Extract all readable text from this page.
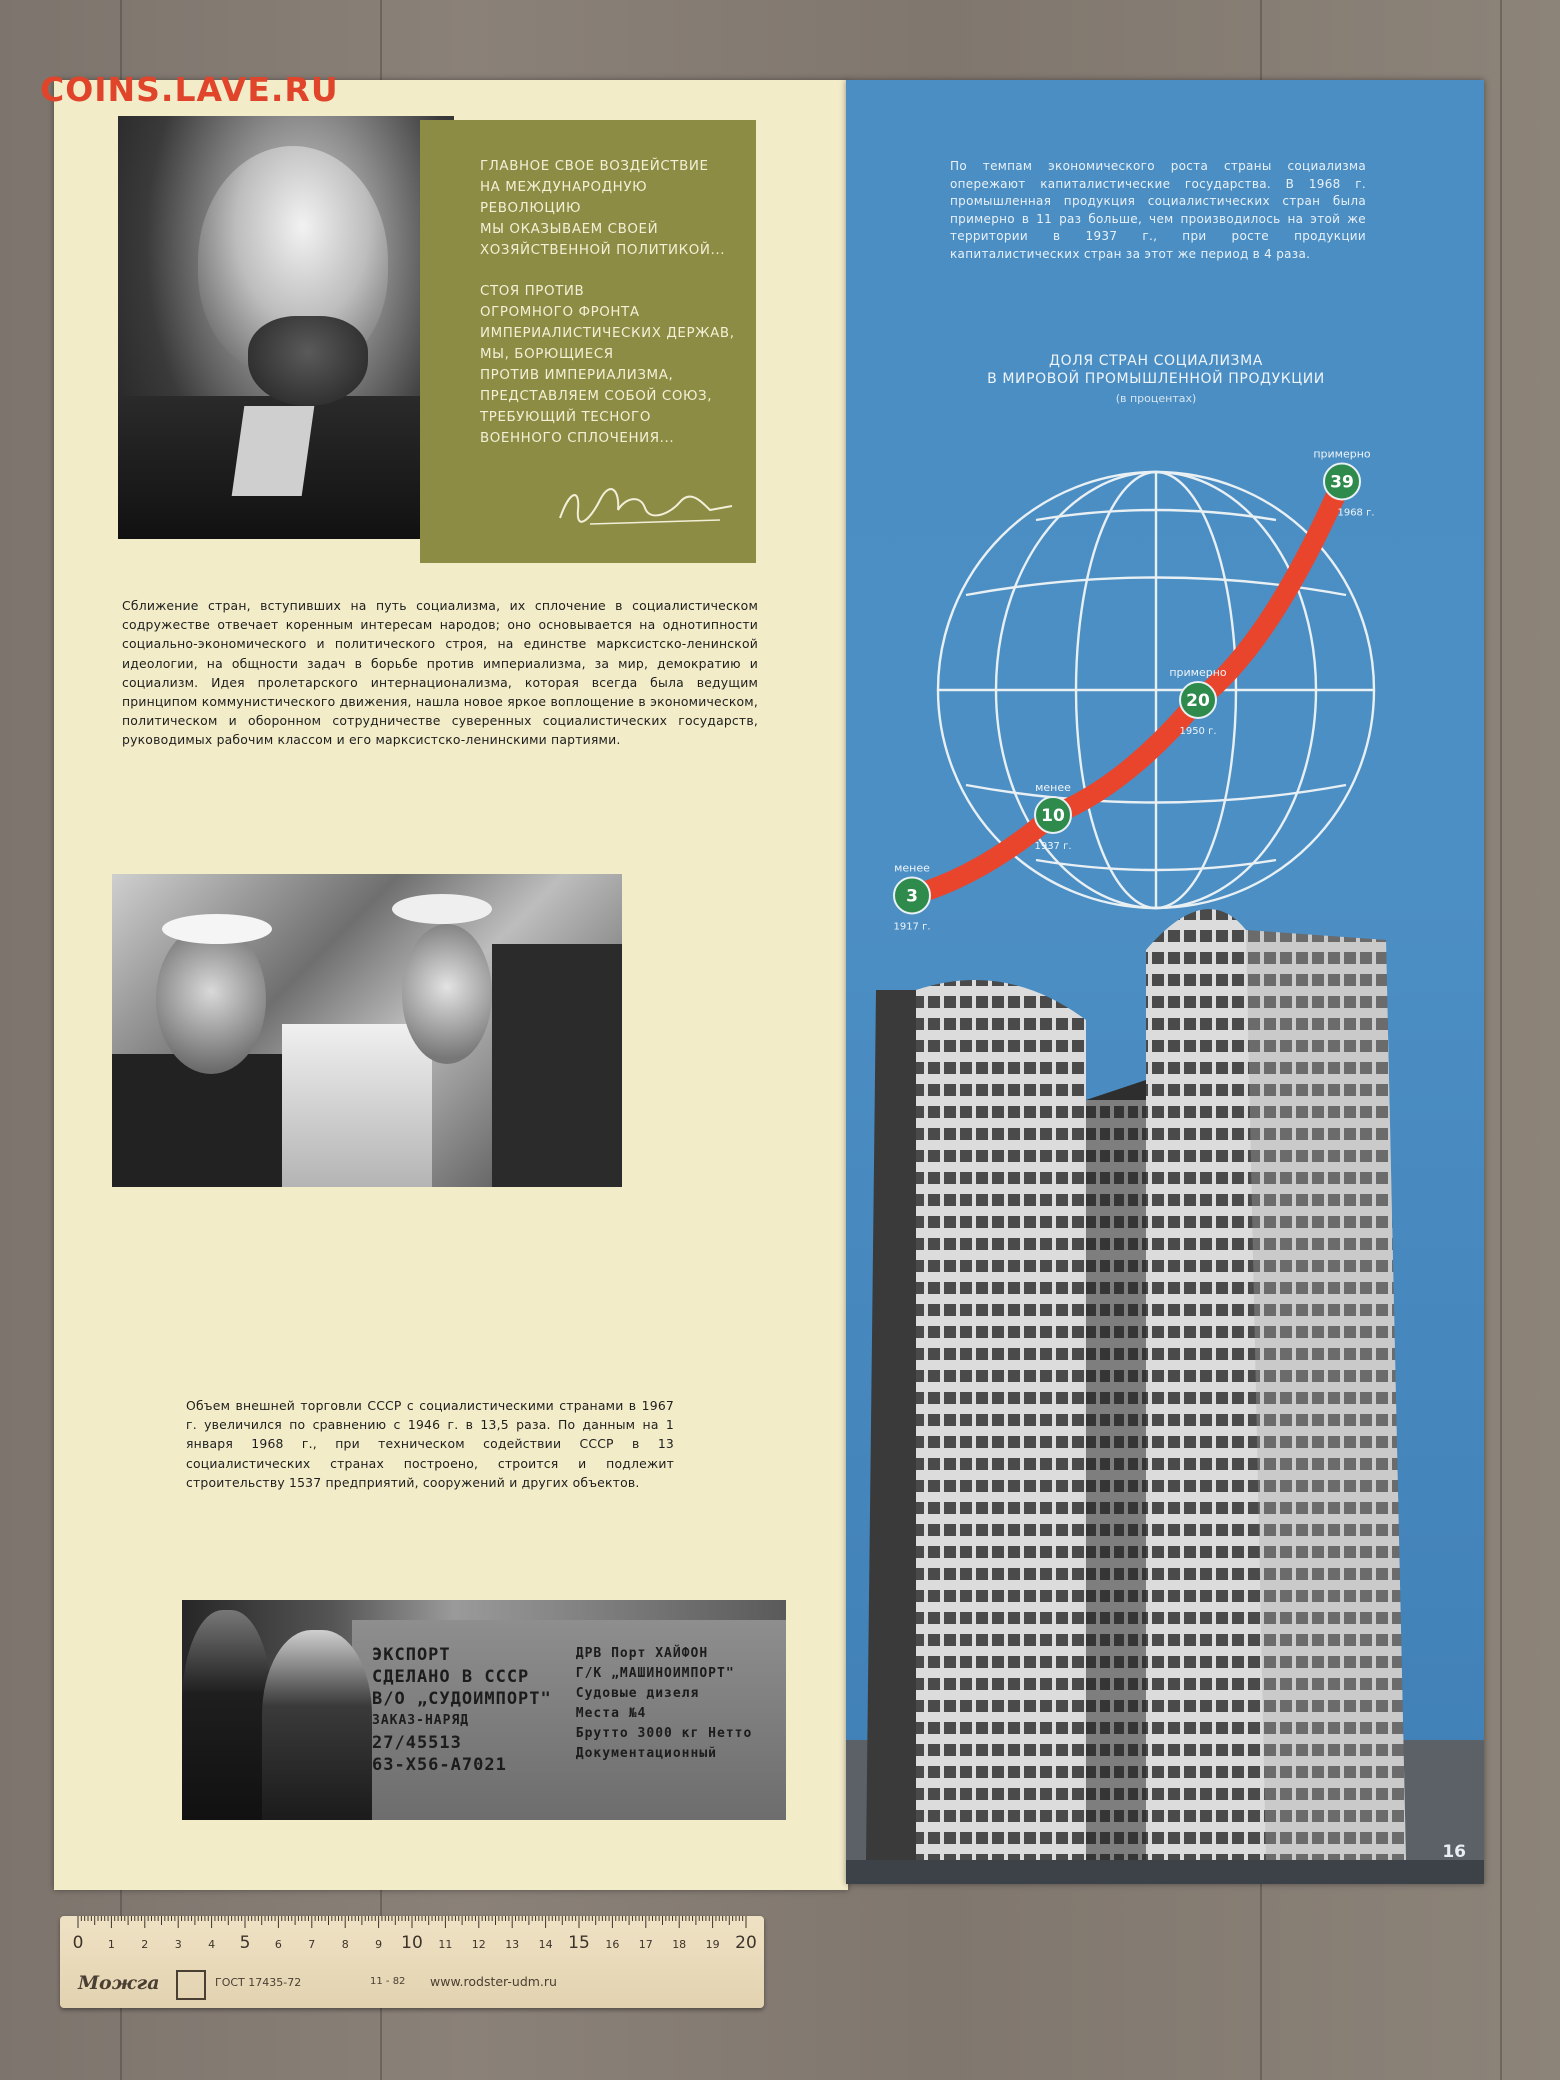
ГЛАВНОЕ СВОЕ ВОЗДЕЙСТВИЕ
НА МЕЖДУНАРОДНУЮ РЕВОЛЮЦИЮ
МЫ ОКАЗЫВАЕМ СВОЕЙ
ХОЗЯЙСТВЕННОЙ ПОЛИТИКОЙ...

СТОЯ ПРОТИВ
ОГРОМНОГО ФРОНТА
ИМПЕРИАЛИСТИЧЕСКИХ ДЕРЖАВ,
МЫ, БОРЮЩИЕСЯ
ПРОТИВ ИМПЕРИАЛИЗМА,
ПРЕДСТАВЛЯЕМ СОБОЙ СОЮЗ,
ТРЕБУЮЩИЙ ТЕСНОГО
ВОЕННОГО СПЛОЧЕНИЯ...

Сближение стран, вступивших на путь социализма, их сплочение в социалистическом содружестве отвечает коренным интересам народов; оно основывается на однотипности социально-экономического и политического строя, на единстве марксистско-ленинской идеологии, на общности задач в борьбе против империализма, за мир, демократию и социализм. Идея пролетарского интернационализма, которая всегда была ведущим принципом коммунистического движения, нашла новое яркое воплощение в экономическом, политическом и оборонном сотрудничестве суверенных социалистических государств, руководимых рабочим классом и его марксистско-ленинскими партиями.
Объем внешней торговли СССР с социалистическими странами в 1967 г. увеличился по сравнению с 1946 г. в 13,5 раза. По данным на 1 января 1968 г., при техническом содействии СССР в 13 социалистических странах построено, строится и подлежит строительству 1537 предприятий, сооружений и других объектов.
ЭКСПОРТ
СДЕЛАНО В СССР
В/О „СУДОИМПОРТ"
ЗАКАЗ-НАРЯД
27/45513
63-Х56-А7021
ДРВ Порт ХАЙФОН
Г/К „МАШИНОИМПОРТ"
Судовые дизеля
Места №4
Брутто 3000 кг Нетто
Документационный
По темпам экономического роста страны социализма опережают капиталистические государства. В 1968 г. промышленная продукция социалистических стран была примерно в 11 раз больше, чем производилось на этой же территории в 1937 г., при росте продукции капиталистических стран за этот же период в 4 раза.
ДОЛЯ СТРАН СОЦИАЛИЗМА
В МИРОВОЙ ПРОМЫШЛЕННОЙ ПРОДУКЦИИ
(в процентах)
3
менее
1917 г.
10
менее
1937 г.
20
примерно
1950 г.
39
примерно
1968 г.
16
COINS.LAVE.RU
0 1 2 3 4 5 6 7 8 9 10 11 12 13 14 15 16 17 18 19 20
Можга	ГОСТ 17435-72	11 - 82 www.rodster-udm.ru
